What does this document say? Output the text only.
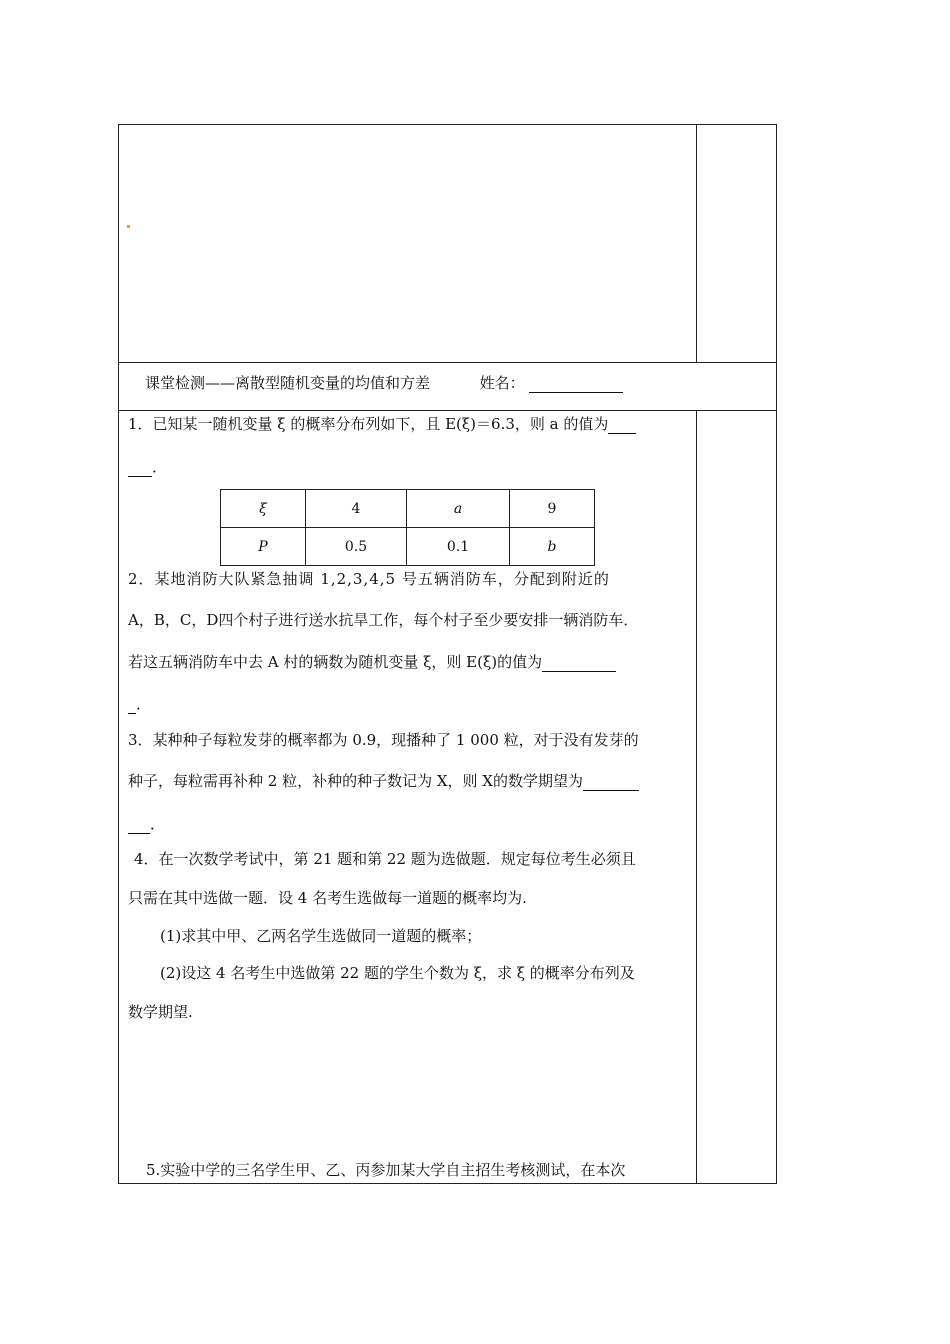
课堂检测——离散型随机变量的均值和方差	姓名：
1．已知某一随机变量 ξ 的概率分布列如下，且 E(ξ)＝6.3，则 a 的值为
．
ξ	4	a	9
P	0.5	0.1	b
2．某地消防大队紧急抽调 1,2,3,4,5 号五辆消防车，分配到附近的
A，B，C，D四个村子进行送水抗旱工作，每个村子至少要安排一辆消防车．
若这五辆消防车中去 A 村的辆数为随机变量 ξ，则 E(ξ)的值为
．
3．某种种子每粒发芽的概率都为 0.9，现播种了 1 000 粒，对于没有发芽的
种子，每粒需再补种 2 粒，补种的种子数记为 X，则 X的数学期望为
．
4．在一次数学考试中，第 21 题和第 22 题为选做题．规定每位考生必须且
只需在其中选做一题．设 4 名考生选做每一道题的概率均为.
(1)求其中甲、乙两名学生选做同一道题的概率；
(2)设这 4 名考生中选做第 22 题的学生个数为 ξ，求 ξ 的概率分布列及
数学期望.
5.实验中学的三名学生甲、乙、丙参加某大学自主招生考核测试，在本次
